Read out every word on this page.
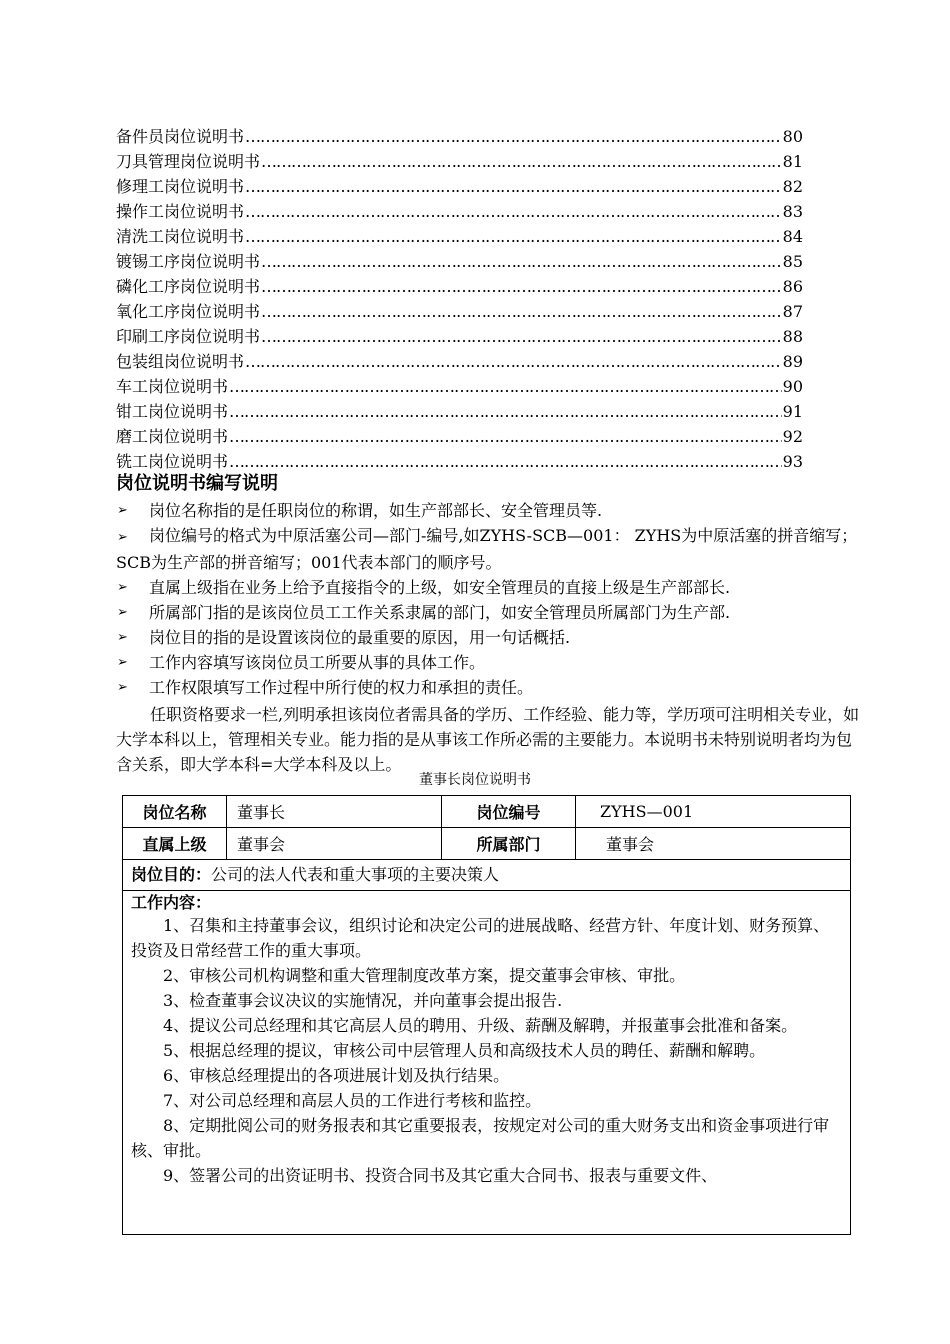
备件员岗位说明书 ……………………………………………………………………………………………………………………………………………………………………	80
刀具管理岗位说明书 ……………………………………………………………………………………………………………………………………………………………………	81
修理工岗位说明书 ……………………………………………………………………………………………………………………………………………………………………	82
操作工岗位说明书 ……………………………………………………………………………………………………………………………………………………………………	83
清洗工岗位说明书 ……………………………………………………………………………………………………………………………………………………………………	84
镀锡工序岗位说明书 ……………………………………………………………………………………………………………………………………………………………………	85
磷化工序岗位说明书 ……………………………………………………………………………………………………………………………………………………………………	86
氧化工序岗位说明书 ……………………………………………………………………………………………………………………………………………………………………	87
印刷工序岗位说明书 ……………………………………………………………………………………………………………………………………………………………………	88
包装组岗位说明书 ……………………………………………………………………………………………………………………………………………………………………	89
车工岗位说明书 ……………………………………………………………………………………………………………………………………………………………………	90
钳工岗位说明书 ……………………………………………………………………………………………………………………………………………………………………	91
磨工岗位说明书 ……………………………………………………………………………………………………………………………………………………………………	92
铣工岗位说明书 ……………………………………………………………………………………………………………………………………………………………………	93
岗位说明书编写说明
➢	岗位名称指的是任职岗位的称谓，如生产部部长、安全管理员等.
➢ 岗位编号的格式为中原活塞公司—部门-编号,如ZYHS-SCB—001： ZYHS为中原活塞的拼音缩写；SCB为生产部的拼音缩写；001代表本部门的顺序号。
➢	直属上级指在业务上给予直接指令的上级，如安全管理员的直接上级是生产部部长.
➢	所属部门指的是该岗位员工工作关系隶属的部门，如安全管理员所属部门为生产部.
➢	岗位目的指的是设置该岗位的最重要的原因，用一句话概括.
➢	工作内容填写该岗位员工所要从事的具体工作。
➢	工作权限填写工作过程中所行使的权力和承担的责任。
任职资格要求一栏,列明承担该岗位者需具备的学历、工作经验、能力等，学历项可注明相关专业，如大学本科以上，管理相关专业。能力指的是从事该工作所必需的主要能力。本说明书未特别说明者均为包含关系，即大学本科=大学本科及以上。
董事长岗位说明书
岗位名称	董事长	岗位编号	ZYHS—001
直属上级	董事会	所属部门	董事会
岗位目的：公司的法人代表和重大事项的主要决策人
工作内容：

1、召集和主持董事会议，组织讨论和决定公司的进展战略、经营方针、年度计划、财务预算、投资及日常经营工作的重大事项。

2、审核公司机构调整和重大管理制度改革方案，提交董事会审核、审批。

3、检查董事会议决议的实施情况，并向董事会提出报告.

4、提议公司总经理和其它高层人员的聘用、升级、薪酬及解聘，并报董事会批准和备案。

5、根据总经理的提议，审核公司中层管理人员和高级技术人员的聘任、薪酬和解聘。

6、审核总经理提出的各项进展计划及执行结果。

7、对公司总经理和高层人员的工作进行考核和监控。

8、定期批阅公司的财务报表和其它重要报表，按规定对公司的重大财务支出和资金事项进行审核、审批。

9、签署公司的出资证明书、投资合同书及其它重大合同书、报表与重要文件、
